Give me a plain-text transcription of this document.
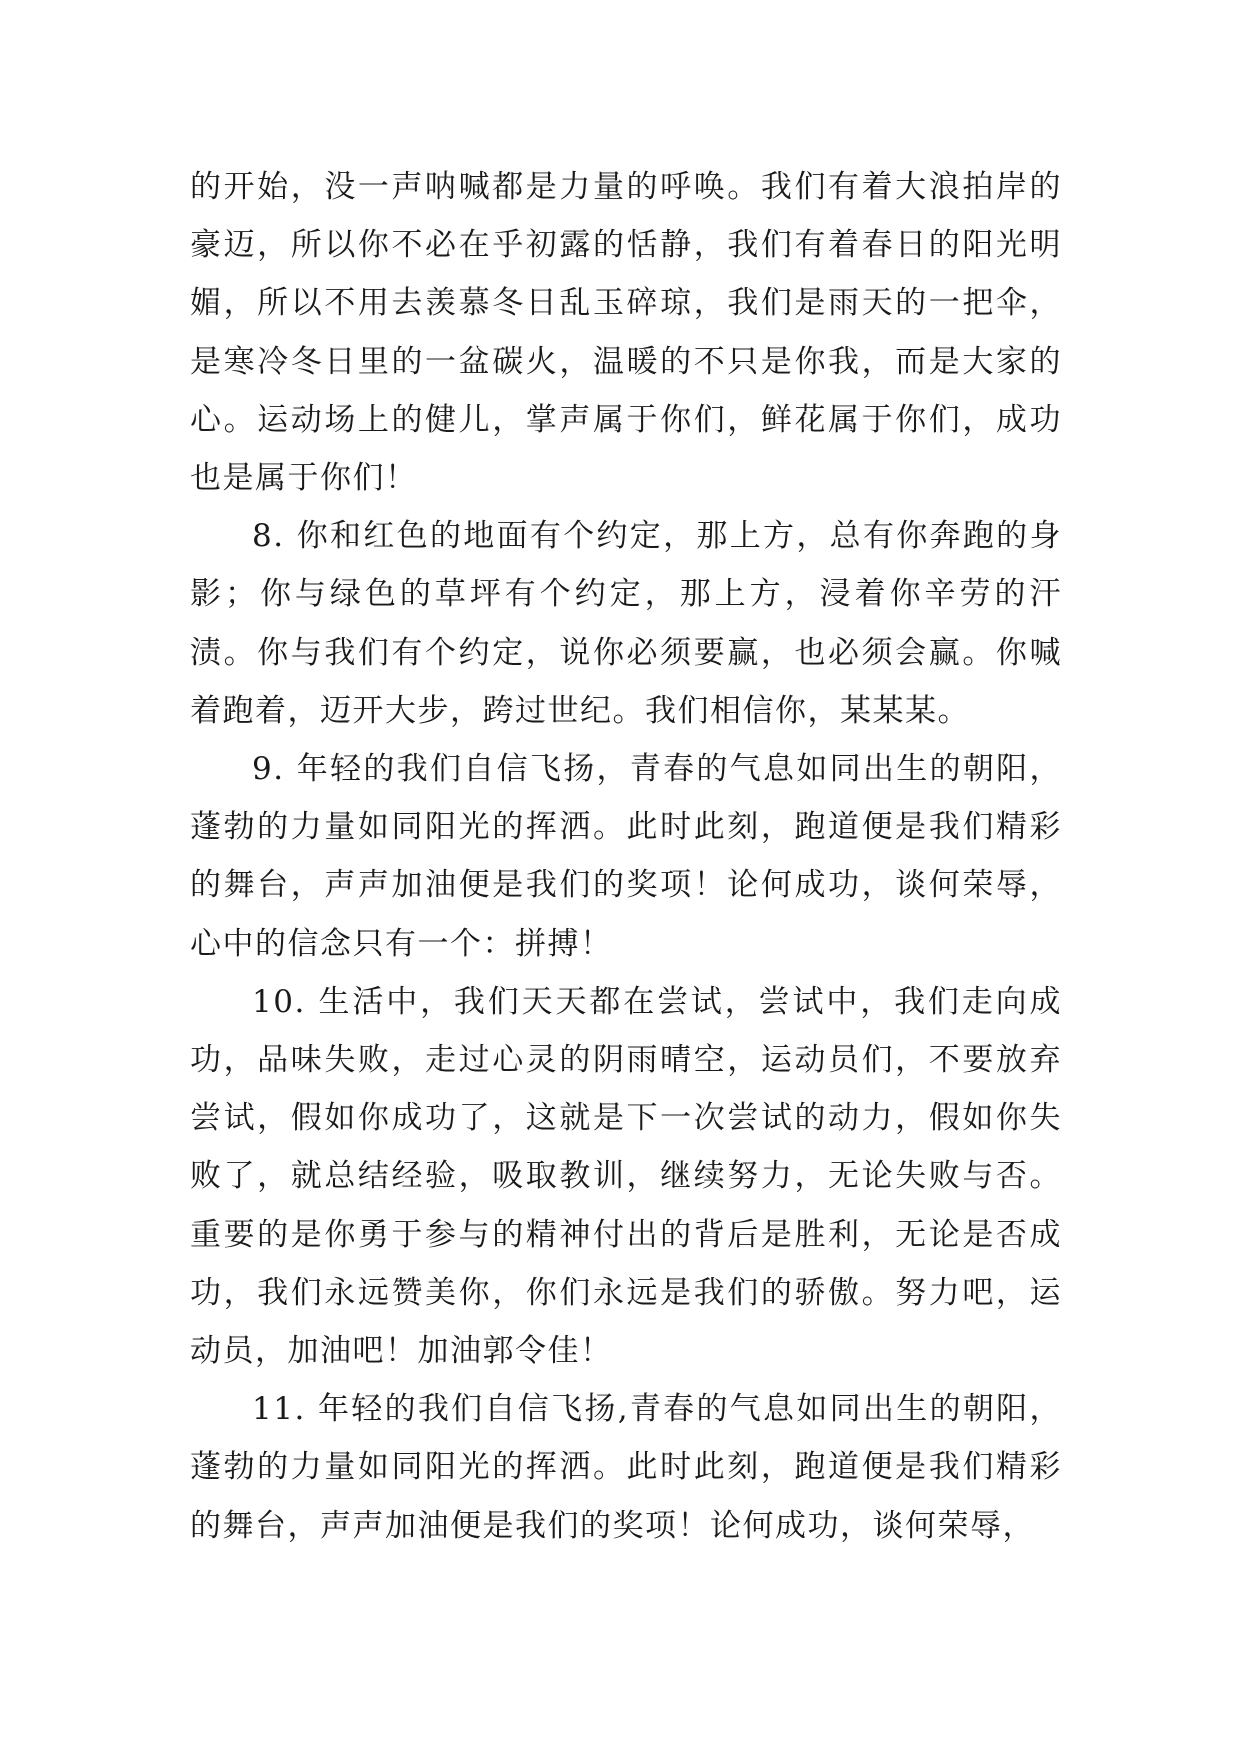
的开始，没一声呐喊都是力量的呼唤。我们有着大浪拍岸的豪迈，所以你不必在乎初露的恬静，我们有着春日的阳光明媚，所以不用去羡慕冬日乱玉碎琼，我们是雨天的一把伞，是寒冷冬日里的一盆碳火，温暖的不只是你我，而是大家的心。运动场上的健儿，掌声属于你们，鲜花属于你们，成功也是属于你们！

8. 你和红色的地面有个约定，那上方，总有你奔跑的身影；你与绿色的草坪有个约定，那上方，浸着你辛劳的汗渍。你与我们有个约定，说你必须要赢，也必须会赢。你喊着跑着，迈开大步，跨过世纪。我们相信你，某某某。

9. 年轻的我们自信飞扬，青春的气息如同出生的朝阳，蓬勃的力量如同阳光的挥洒。此时此刻，跑道便是我们精彩的舞台，声声加油便是我们的奖项！论何成功，谈何荣辱，心中的信念只有一个：拼搏！

10. 生活中，我们天天都在尝试，尝试中，我们走向成功，品味失败，走过心灵的阴雨晴空，运动员们，不要放弃尝试，假如你成功了，这就是下一次尝试的动力，假如你失败了，就总结经验，吸取教训，继续努力，无论失败与否。重要的是你勇于参与的精神付出的背后是胜利，无论是否成功，我们永远赞美你，你们永远是我们的骄傲。努力吧，运动员，加油吧！加油郭令佳！

11. 年轻的我们自信飞扬,青春的气息如同出生的朝阳，蓬勃的力量如同阳光的挥洒。此时此刻，跑道便是我们精彩的舞台，声声加油便是我们的奖项！论何成功，谈何荣辱，
